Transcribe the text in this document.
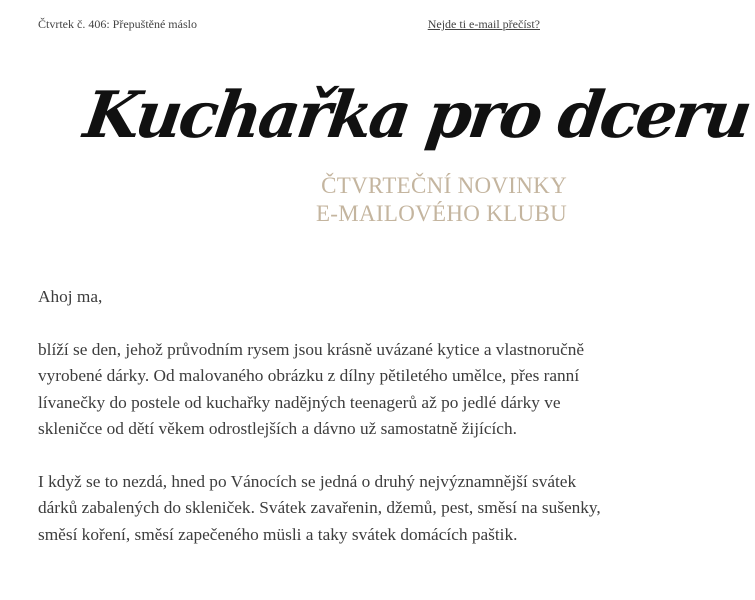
Čtvrtek č. 406: Přepuštěné máslo	Nejde ti e-mail přečíst?
Kuchařka pro dceru
ČTVRTEČNÍ NOVINKY
E-MAILOVÉHO KLUBU

Ahoj ma,

blíží se den, jehož průvodním rysem jsou krásně uvázané kytice a vlastnoručně vyrobené dárky. Od malovaného obrázku z dílny pětiletého umělce, přes ranní lívanečky do postele od kuchařky nadějných teenagerů až po jedlé dárky ve skleničce od dětí věkem odrostlejších a dávno už samostatně žijících.

I když se to nezdá, hned po Vánocích se jedná o druhý nejvýznamnější svátek dárků zabalených do skleniček. Svátek zavařenin, džemů, pest, směsí na sušenky, směsí koření, směsí zapečeného müsli a taky svátek domácích paštik.
